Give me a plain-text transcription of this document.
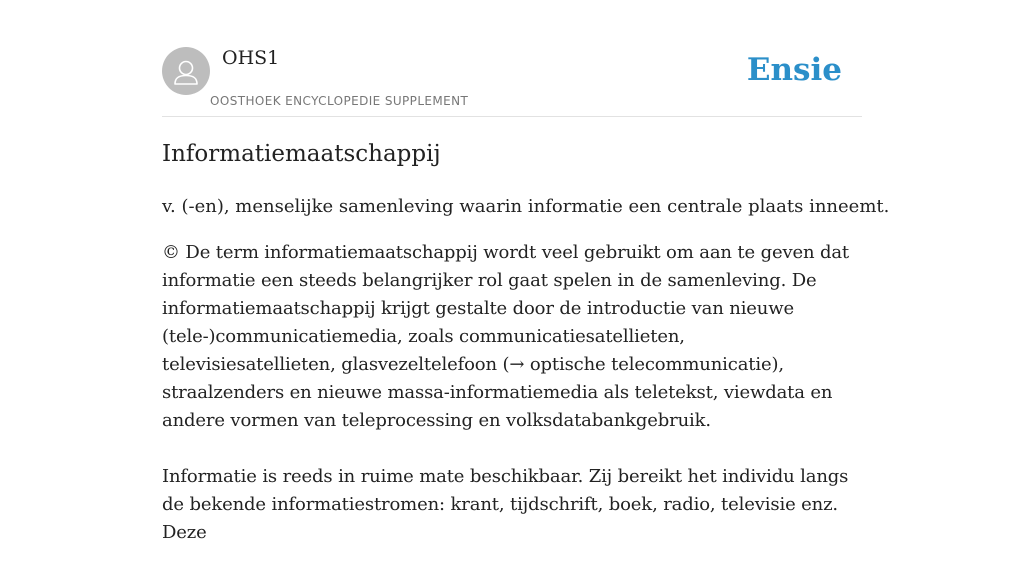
OHS1
OOSTHOEK ENCYCLOPEDIE SUPPLEMENT
Ensie
Informatiemaatschappij

v. (-en), menselijke samenleving waarin informatie een centrale plaats inneemt.

© De term informatiemaatschappij wordt veel gebruikt om aan te geven dat informatie een steeds belangrijker rol gaat spelen in de samenleving. De informatiemaatschappij krijgt gestalte door de introductie van nieuwe (tele-)communicatiemedia, zoals communicatiesatellieten, televisiesatellieten, glasvezeltelefoon (→ optische telecommunicatie), straalzenders en nieuwe massa-informatiemedia als teletekst, viewdata en andere vormen van teleprocessing en volksdatabankgebruik.

Informatie is reeds in ruime mate beschikbaar. Zij bereikt het individu langs de bekende informatiestromen: krant, tijdschrift, boek, radio, televisie enz. Deze
